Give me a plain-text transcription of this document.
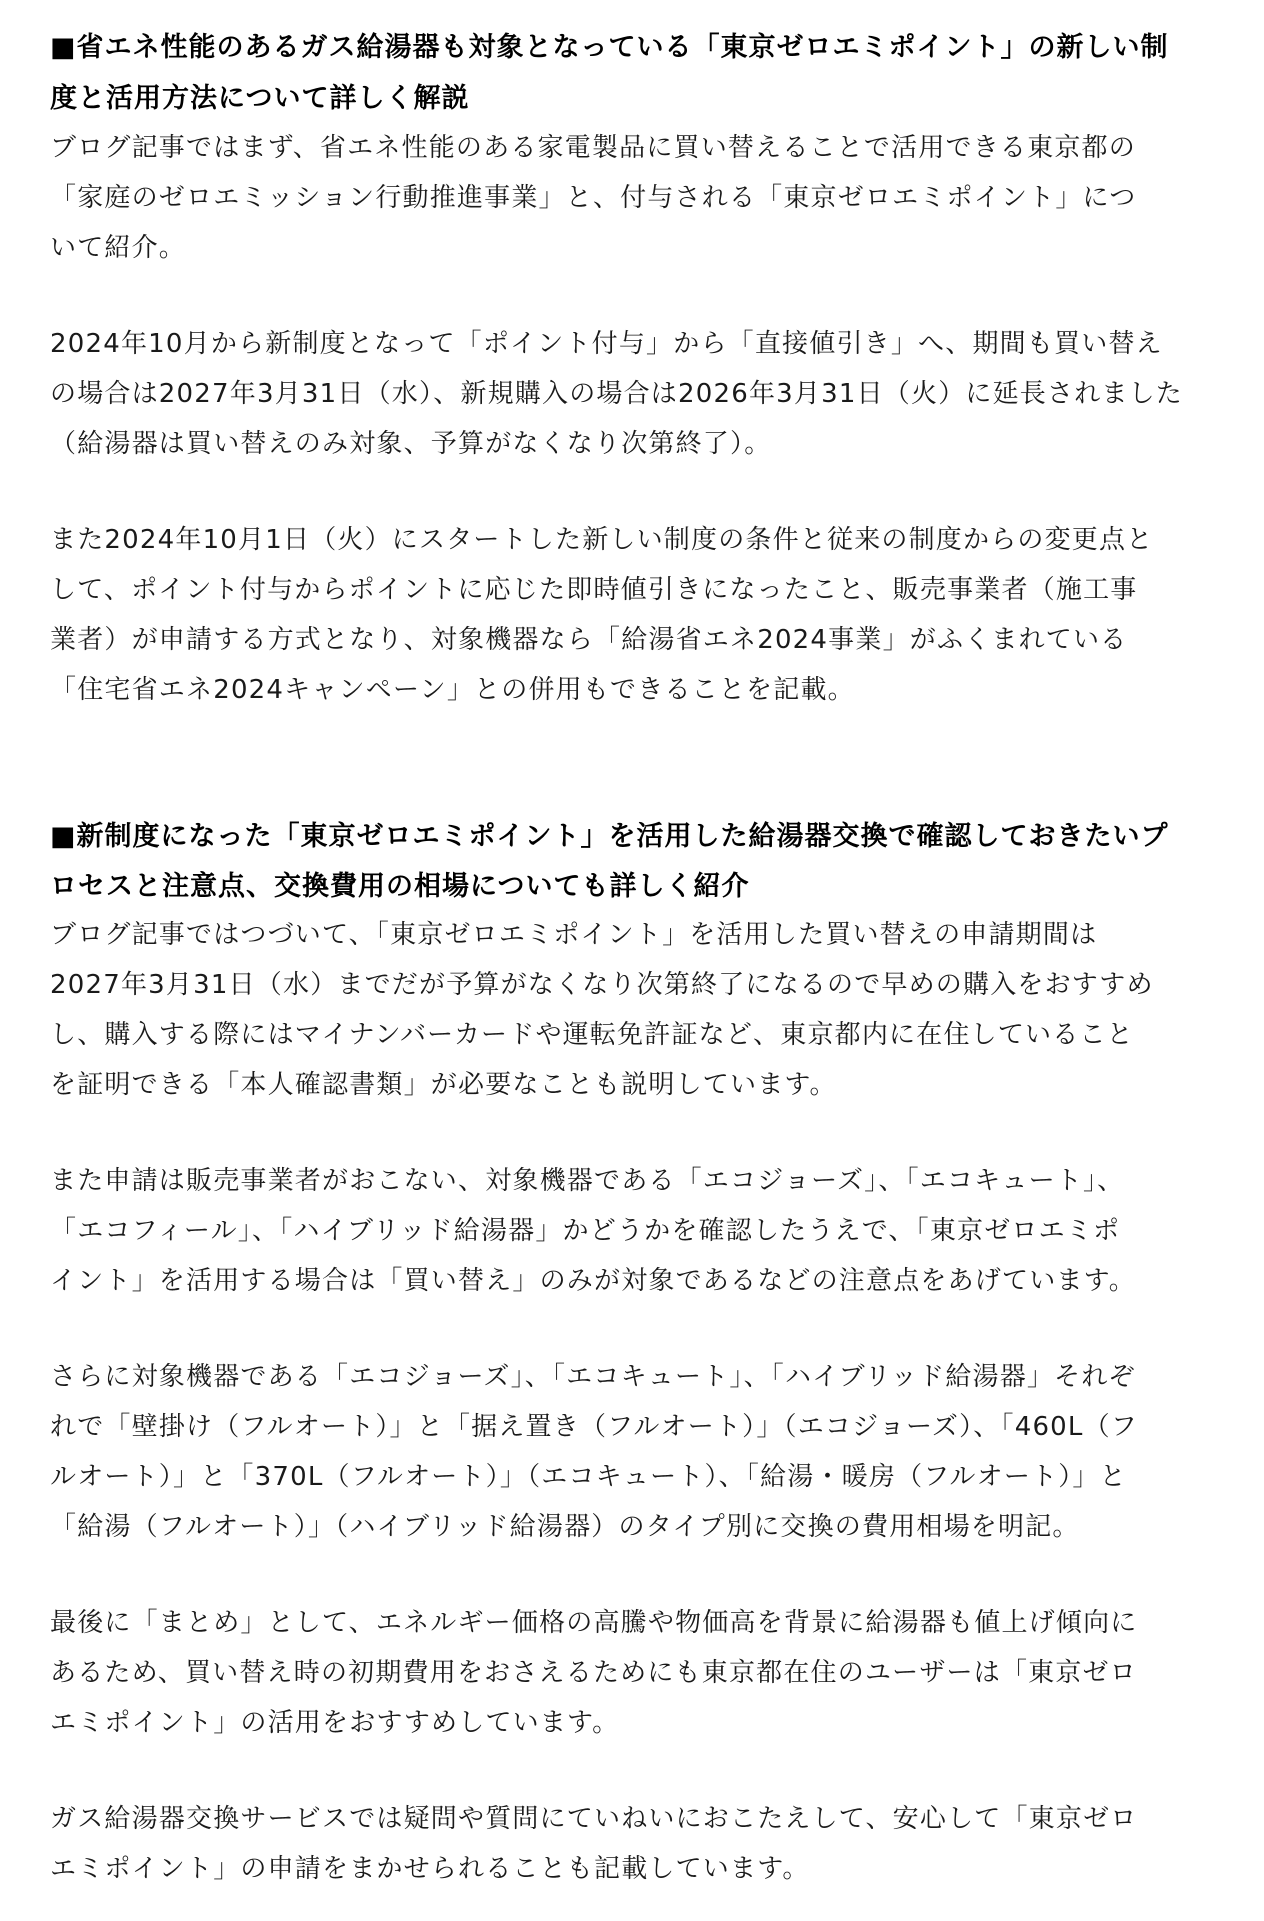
■省エネ性能のあるガス給湯器も対象となっている「東京ゼロエミポイント」の新しい制
度と活用方法について詳しく解説
ブログ記事ではまず、省エネ性能のある家電製品に買い替えることで活用できる東京都の
「家庭のゼロエミッション行動推進事業」と、付与される「東京ゼロエミポイント」につ
いて紹介。
2024年10月から新制度となって「ポイント付与」から「直接値引き」へ、期間も買い替え
の場合は2027年3月31日（水）、新規購入の場合は2026年3月31日（火）に延長されました
（給湯器は買い替えのみ対象、予算がなくなり次第終了）。
また2024年10月1日（火）にスタートした新しい制度の条件と従来の制度からの変更点と
して、ポイント付与からポイントに応じた即時値引きになったこと、販売事業者（施工事
業者）が申請する方式となり、対象機器なら「給湯省エネ2024事業」がふくまれている
「住宅省エネ2024キャンペーン」との併用もできることを記載。
■新制度になった「東京ゼロエミポイント」を活用した給湯器交換で確認しておきたいプ
ロセスと注意点、交換費用の相場についても詳しく紹介
ブログ記事ではつづいて、「東京ゼロエミポイント」を活用した買い替えの申請期間は
2027年3月31日（水）までだが予算がなくなり次第終了になるので早めの購入をおすすめ
し、購入する際にはマイナンバーカードや運転免許証など、東京都内に在住していること
を証明できる「本人確認書類」が必要なことも説明しています。
また申請は販売事業者がおこない、対象機器である「エコジョーズ」、「エコキュート」、
「エコフィール」、「ハイブリッド給湯器」かどうかを確認したうえで、「東京ゼロエミポ
イント」を活用する場合は「買い替え」のみが対象であるなどの注意点をあげています。
さらに対象機器である「エコジョーズ」、「エコキュート」、「ハイブリッド給湯器」それぞ
れで「壁掛け（フルオート）」と「据え置き（フルオート）」（エコジョーズ）、「460L（フ
ルオート）」と「370L（フルオート）」（エコキュート）、「給湯・暖房（フルオート）」と
「給湯（フルオート）」（ハイブリッド給湯器）のタイプ別に交換の費用相場を明記。
最後に「まとめ」として、エネルギー価格の高騰や物価高を背景に給湯器も値上げ傾向に
あるため、買い替え時の初期費用をおさえるためにも東京都在住のユーザーは「東京ゼロ
エミポイント」の活用をおすすめしています。
ガス給湯器交換サービスでは疑問や質問にていねいにおこたえして、安心して「東京ゼロ
エミポイント」の申請をまかせられることも記載しています。
